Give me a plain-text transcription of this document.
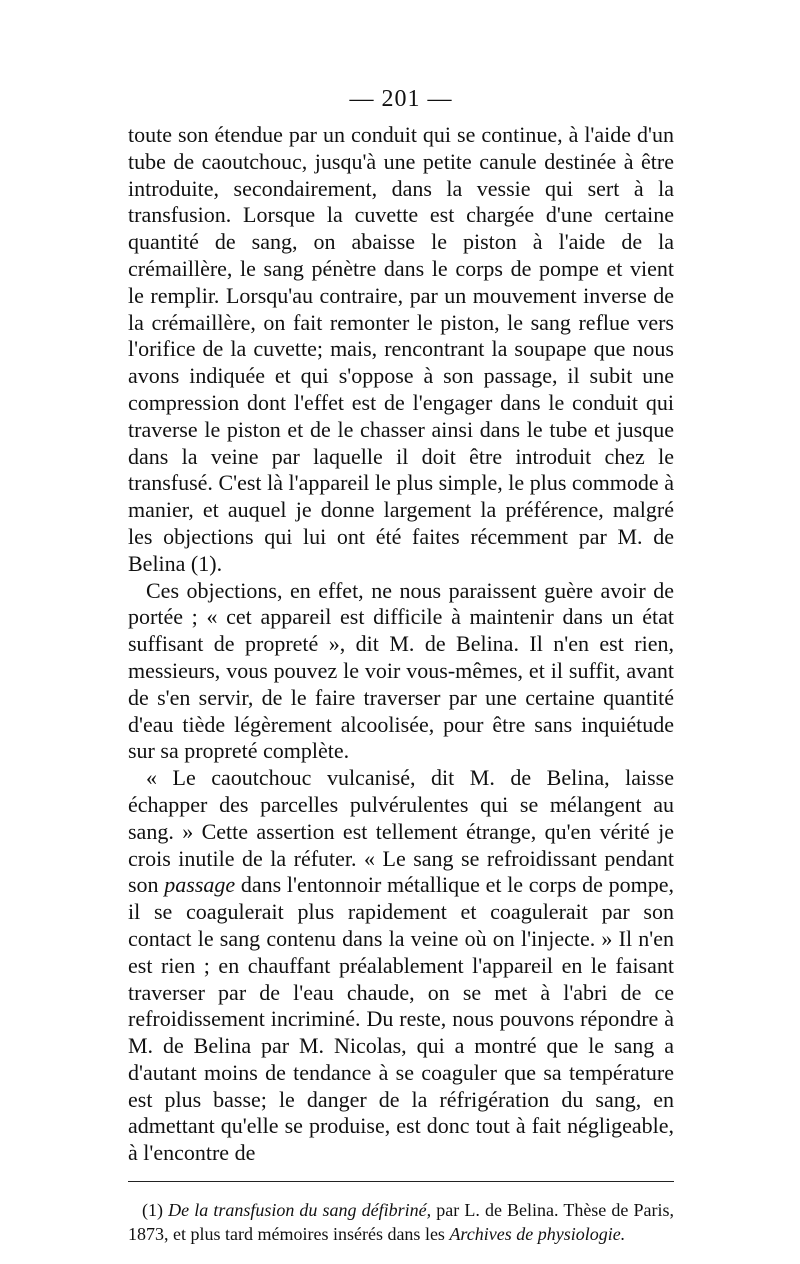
— 201 —

toute son étendue par un conduit qui se continue, à l'aide d'un tube de caoutchouc, jusqu'à une petite canule destinée à être introduite, secondairement, dans la vessie qui sert à la transfusion. Lorsque la cuvette est chargée d'une certaine quantité de sang, on abaisse le piston à l'aide de la crémaillère, le sang pénètre dans le corps de pompe et vient le remplir. Lorsqu'au contraire, par un mouvement inverse de la crémaillère, on fait remonter le piston, le sang reflue vers l'orifice de la cuvette; mais, rencontrant la soupape que nous avons indiquée et qui s'oppose à son passage, il subit une compression dont l'effet est de l'engager dans le conduit qui traverse le piston et de le chasser ainsi dans le tube et jusque dans la veine par laquelle il doit être introduit chez le transfusé. C'est là l'appareil le plus simple, le plus commode à manier, et auquel je donne largement la préférence, malgré les objections qui lui ont été faites récemment par M. de Belina (1).

Ces objections, en effet, ne nous paraissent guère avoir de portée ; « cet appareil est difficile à maintenir dans un état suffisant de propreté », dit M. de Belina. Il n'en est rien, messieurs, vous pouvez le voir vous-mêmes, et il suffit, avant de s'en servir, de le faire traverser par une certaine quantité d'eau tiède légèrement alcoolisée, pour être sans inquiétude sur sa propreté complète.

« Le caoutchouc vulcanisé, dit M. de Belina, laisse échapper des parcelles pulvérulentes qui se mélangent au sang. » Cette assertion est tellement étrange, qu'en vérité je crois inutile de la réfuter. « Le sang se refroidissant pendant son passage dans l'entonnoir métallique et le corps de pompe, il se coagulerait plus rapidement et coagulerait par son contact le sang contenu dans la veine où on l'injecte. » Il n'en est rien ; en chauffant préalablement l'appareil en le faisant traverser par de l'eau chaude, on se met à l'abri de ce refroidissement incriminé. Du reste, nous pouvons répondre à M. de Belina par M. Nicolas, qui a montré que le sang a d'autant moins de tendance à se coaguler que sa température est plus basse; le danger de la réfrigération du sang, en admettant qu'elle se produise, est donc tout à fait négligeable, à l'encontre de

(1) De la transfusion du sang défibriné, par L. de Belina. Thèse de Paris, 1873, et plus tard mémoires insérés dans les Archives de physiologie.
